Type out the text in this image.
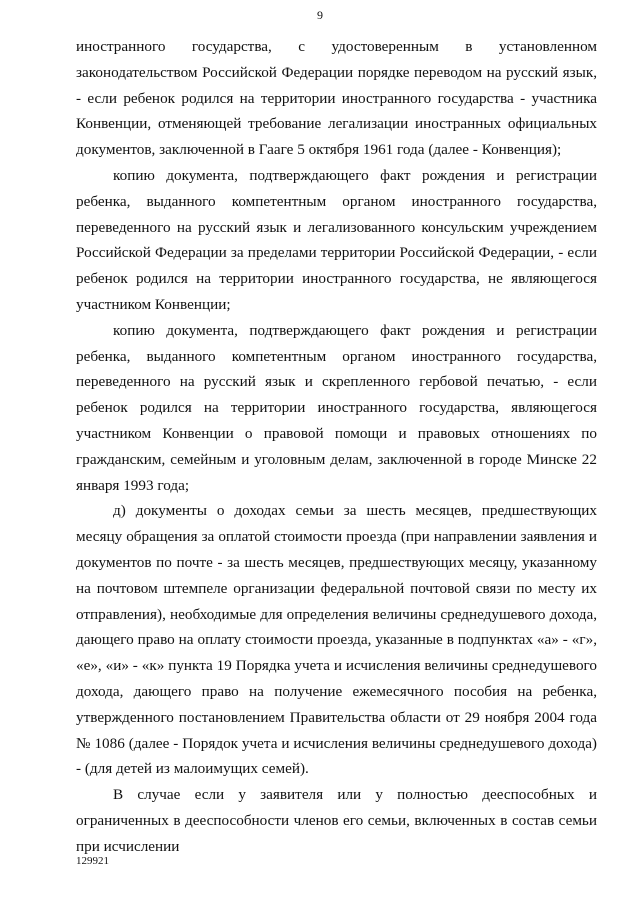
9

иностранного государства, с удостоверенным в установленном законодательством Российской Федерации порядке переводом на русский язык, - если ребенок родился на территории иностранного государства - участника Конвенции, отменяющей требование легализации иностранных официальных документов, заключенной в Гааге 5 октября 1961 года (далее - Конвенция);

копию документа, подтверждающего факт рождения и регистрации ребенка, выданного компетентным органом иностранного государства, переведенного на русский язык и легализованного консульским учреждением Российской Федерации за пределами территории Российской Федерации, - если ребенок родился на территории иностранного государства, не являющегося участником Конвенции;

копию документа, подтверждающего факт рождения и регистрации ребенка, выданного компетентным органом иностранного государства, переведенного на русский язык и скрепленного гербовой печатью, - если ребенок родился на территории иностранного государства, являющегося участником Конвенции о правовой помощи и правовых отношениях по гражданским, семейным и уголовным делам, заключенной в городе Минске 22 января 1993 года;

д) документы о доходах семьи за шесть месяцев, предшествующих месяцу обращения за оплатой стоимости проезда (при направлении заявления и документов по почте - за шесть месяцев, предшествующих месяцу, указанному на почтовом штемпеле организации федеральной почтовой связи по месту их отправления), необходимые для определения величины среднедушевого дохода, дающего право на оплату стоимости проезда, указанные в подпунктах «а» - «г», «е», «и» - «к» пункта 19 Порядка учета и исчисления величины среднедушевого дохода, дающего право на получение ежемесячного пособия на ребенка, утвержденного постановлением Правительства области от 29 ноября 2004 года № 1086 (далее - Порядок учета и исчисления величины среднедушевого дохода) - (для детей из малоимущих семей).

В случае если у заявителя или у полностью дееспособных и ограниченных в дееспособности членов его семьи, включенных в состав семьи при исчислении

129921
